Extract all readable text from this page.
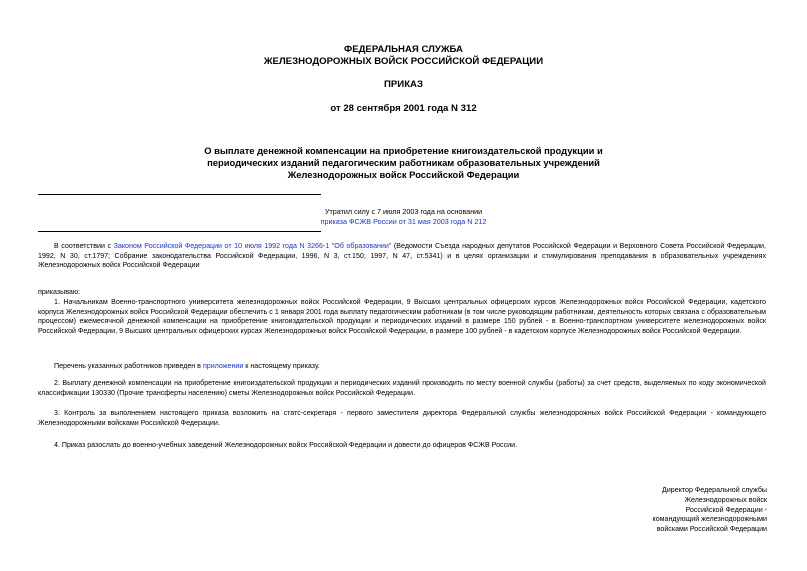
ФЕДЕРАЛЬНАЯ СЛУЖБА
ЖЕЛЕЗНОДОРОЖНЫХ ВОЙСК РОССИЙСКОЙ ФЕДЕРАЦИИ
ПРИКАЗ
от 28 сентября 2001 года N 312
О выплате денежной компенсации на приобретение книгоиздательской продукции и
периодических изданий педагогическим работникам образовательных учреждений
Железнодорожных войск Российской Федерации
Утратил силу с 7 июля 2003 года на основании
приказа ФСЖВ России от 31 мая 2003 года N 212
В соответствии с Законом Российской Федерации от 10 июля 1992 года N 3266-1 "Об образовании" (Ведомости Съезда народных депутатов Российской Федерации и Верховного Совета Российской Федерации, 1992, N 30, ст.1797; Собрание законодательства Российской Федерации, 1996, N 3, ст.150; 1997, N 47, ст.5341) и в целях организации и стимулирования преподавания в образовательных учреждениях Железнодорожных войск Российской Федерации
приказываю:
1. Начальникам Военно-транспортного университета железнодорожных войск Российской Федерации, 9 Высших центральных офицерских курсов Железнодорожных войск Российской Федерации, кадетского корпуса Железнодорожных войск Российской Федерации обеспечить с 1 января 2001 года выплату педагогическим работникам (в том числе руководящим работникам, деятельность которых связана с образовательным процессом) ежемесячной денежной компенсации на приобретение книгоиздательской продукции и периодических изданий в размере 150 рублей - в Военно-транспортном университете железнодорожных войск Российской Федерации, 9 Высших центральных офицерских курсах Железнодорожных войск Российской Федерации, в размере 100 рублей - в кадетском корпусе Железнодорожных войск Российской Федерации.
Перечень указанных работников приведен в приложении к настоящему приказу.
2. Выплату денежной компенсации на приобретение книгоиздательской продукции и периодических изданий производить по месту военной службы (работы) за счет средств, выделяемых по коду экономической классификации 130330 (Прочие трансферты населению) сметы Железнодорожных войск Российской Федерации.
3. Контроль за выполнением настоящего приказа возложить на статс-секретаря - первого заместителя директора Федеральной службы железнодорожных войск Российской Федерации - командующего Железнодорожными войсками Российской Федерации.
4. Приказ разослать до военно-учебных заведений Железнодорожных войск Российской Федерации и довести до офицеров ФСЖВ России.
Директор Федеральной службы
Железнодорожных войск
Российской Федерации -
командующий железнодорожными
войсками Российской Федерации
